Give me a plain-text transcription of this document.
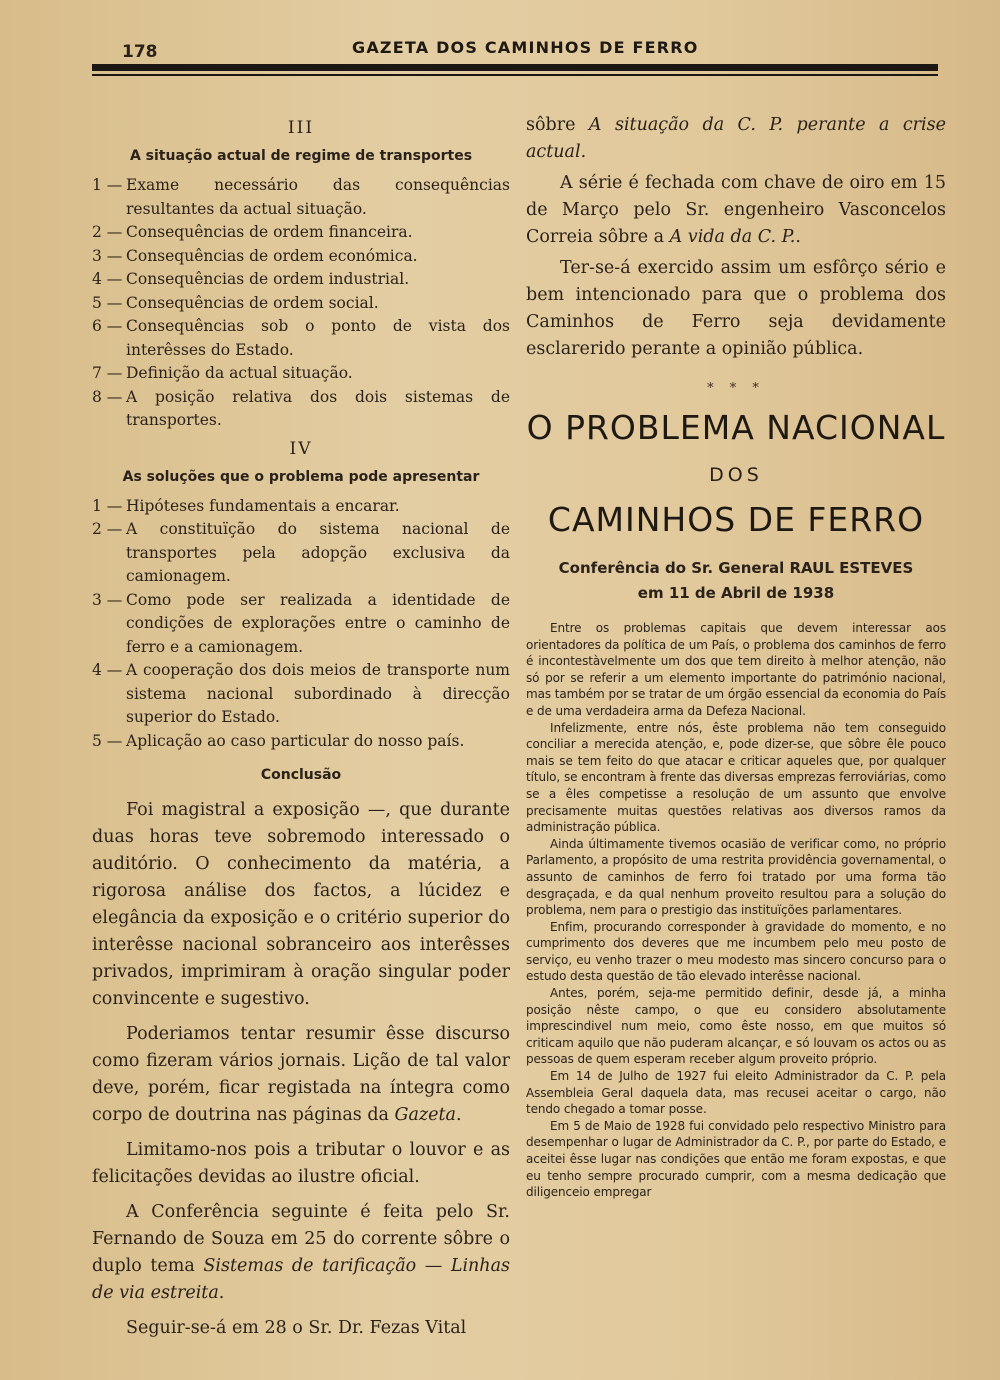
178	GAZETA DOS CAMINHOS DE FERRO
III
A situação actual de regime de transportes
1 — Exame necessário das consequências resultantes da actual situação.
2 — Consequências de ordem financeira.
3 — Consequências de ordem económica.
4 — Consequências de ordem industrial.
5 — Consequências de ordem social.
6 — Consequências sob o ponto de vista dos interêsses do Estado.
7 — Definição da actual situação.
8 — A posição relativa dos dois sistemas de transportes.
IV
As soluções que o problema pode apresentar
1 — Hipóteses fundamentais a encarar.
2 — A constituïção do sistema nacional de transportes pela adopção exclusiva da camionagem.
3 — Como pode ser realizada a identidade de condições de explorações entre o caminho de ferro e a camionagem.
4 — A cooperação dos dois meios de transporte num sistema nacional subordinado à direcção superior do Estado.
5 — Aplicação ao caso particular do nosso país.
Conclusão

Foi magistral a exposição —, que durante duas horas teve sobremodo interessado o auditório. O conhecimento da matéria, a rigorosa análise dos factos, a lúcidez e elegância da exposição e o critério superior do interêsse nacional sobranceiro aos interêsses privados, imprimiram à oração singular poder convincente e sugestivo.

Poderiamos tentar resumir êsse discurso como fizeram vários jornais. Lição de tal valor deve, porém, ficar registada na íntegra como corpo de doutrina nas páginas da Gazeta.

Limitamo-nos pois a tributar o louvor e as felicitações devidas ao ilustre oficial.

A Conferência seguinte é feita pelo Sr. Fernando de Souza em 25 do corrente sôbre o duplo tema Sistemas de tarificação — Linhas de via estreita.

Seguir-se-á em 28 o Sr. Dr. Fezas Vital

sôbre A situação da C. P. perante a crise actual.

A série é fechada com chave de oiro em 15 de Março pelo Sr. engenheiro Vasconcelos Correia sôbre a A vida da C. P..

Ter-se-á exercido assim um esfôrço sério e bem intencionado para que o problema dos Caminhos de Ferro seja devidamente esclarerido perante a opinião pública.

* * *
O PROBLEMA NACIONAL
DOS
CAMINHOS DE FERRO
Conferência do Sr. General RAUL ESTEVES
em 11 de Abril de 1938

Entre os problemas capitais que devem interessar aos orientadores da política de um País, o problema dos caminhos de ferro é incontestàvelmente um dos que tem direito à melhor atenção, não só por se referir a um elemento importante do património nacional, mas também por se tratar de um órgão essencial da economia do País e de uma verdadeira arma da Defeza Nacional.

Infelizmente, entre nós, êste problema não tem conseguido conciliar a merecida atenção, e, pode dizer-se, que sôbre êle pouco mais se tem feito do que atacar e criticar aqueles que, por qualquer título, se encontram à frente das diversas emprezas ferroviárias, como se a êles competisse a resolução de um assunto que envolve precisamente muitas questões relativas aos diversos ramos da administração pública.

Ainda últimamente tivemos ocasião de verificar como, no próprio Parlamento, a propósito de uma restrita providência governamental, o assunto de caminhos de ferro foi tratado por uma forma tão desgraçada, e da qual nenhum proveito resultou para a solução do problema, nem para o prestigio das instituïções parlamentares.

Enfim, procurando corresponder à gravidade do momento, e no cumprimento dos deveres que me incumbem pelo meu posto de serviço, eu venho trazer o meu modesto mas sincero concurso para o estudo desta questão de tão elevado interêsse nacional.

Antes, porém, seja-me permitido definir, desde já, a minha posição nêste campo, o que eu considero absolutamente imprescindivel num meio, como êste nosso, em que muitos só criticam aquilo que não puderam alcançar, e só louvam os actos ou as pessoas de quem esperam receber algum proveito próprio.

Em 14 de Julho de 1927 fui eleito Administrador da C. P. pela Assembleia Geral daquela data, mas recusei aceitar o cargo, não tendo chegado a tomar posse.

Em 5 de Maio de 1928 fui convidado pelo respectivo Ministro para desempenhar o lugar de Administrador da C. P., por parte do Estado, e aceitei êsse lugar nas condições que então me foram expostas, e que eu tenho sempre procurado cumprir, com a mesma dedicação que diligenceio empregar
